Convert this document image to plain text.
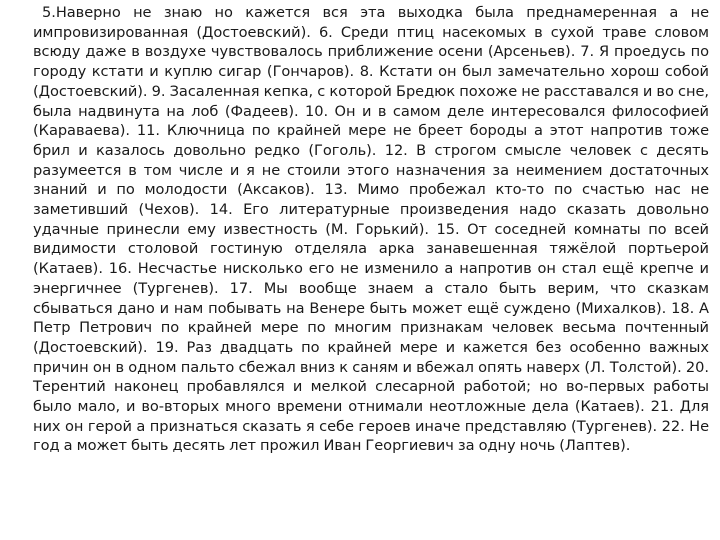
5.Наверно не знаю но кажется вся эта выходка была преднамеренная а не импровизированная (Достоевский). 6. Среди птиц насекомых в сухой траве словом всюду даже в воздухе чувствовалось приближение осени (Арсеньев). 7. Я проедусь по городу кстати и куплю сигар (Гончаров). 8. Кстати он был замечательно хорош собой (Достоевский). 9. Засаленная кепка, с которой Бредюк похоже не расставался и во сне, была надвинута на лоб (Фадеев). 10. Он и в самом деле интересовался философией (Караваева). 11. Ключница по крайней мере не бреет бороды а этот напротив тоже брил и казалось довольно редко (Гоголь). 12. В строгом смысле человек с десять разумеется в том числе и я не стоили этого назначения за неимением достаточных знаний и по молодости (Аксаков). 13. Мимо пробежал кто-то по счастью нас не заметивший (Чехов). 14. Его литературные произведения надо сказать довольно удачные принесли ему известность (М. Горький). 15. От соседней комнаты по всей видимости столовой гостиную отделяла арка занавешенная тяжёлой портьерой (Катаев). 16. Несчастье нисколько его не изменило а напротив он стал ещё крепче и энергичнее (Тургенев). 17. Мы вообще знаем а стало быть верим, что сказкам сбываться дано и нам побывать на Венере быть может ещё суждено (Михалков). 18. А Петр Петрович по крайней мере по многим признакам человек весьма почтенный (Достоевский). 19. Раз двадцать по крайней мере и кажется без особенно важных причин он в одном пальто сбежал вниз к саням и вбежал опять наверх (Л. Толстой). 20. Терентий наконец пробавлялся и мелкой слесарной работой; но во-первых работы было мало, и во-вторых много времени отнимали неотложные дела (Катаев). 21. Для них он герой а признаться сказать я себе героев иначе представляю (Тургенев). 22. Не год а может быть десять лет прожил Иван Георгиевич за одну ночь (Лаптев).
